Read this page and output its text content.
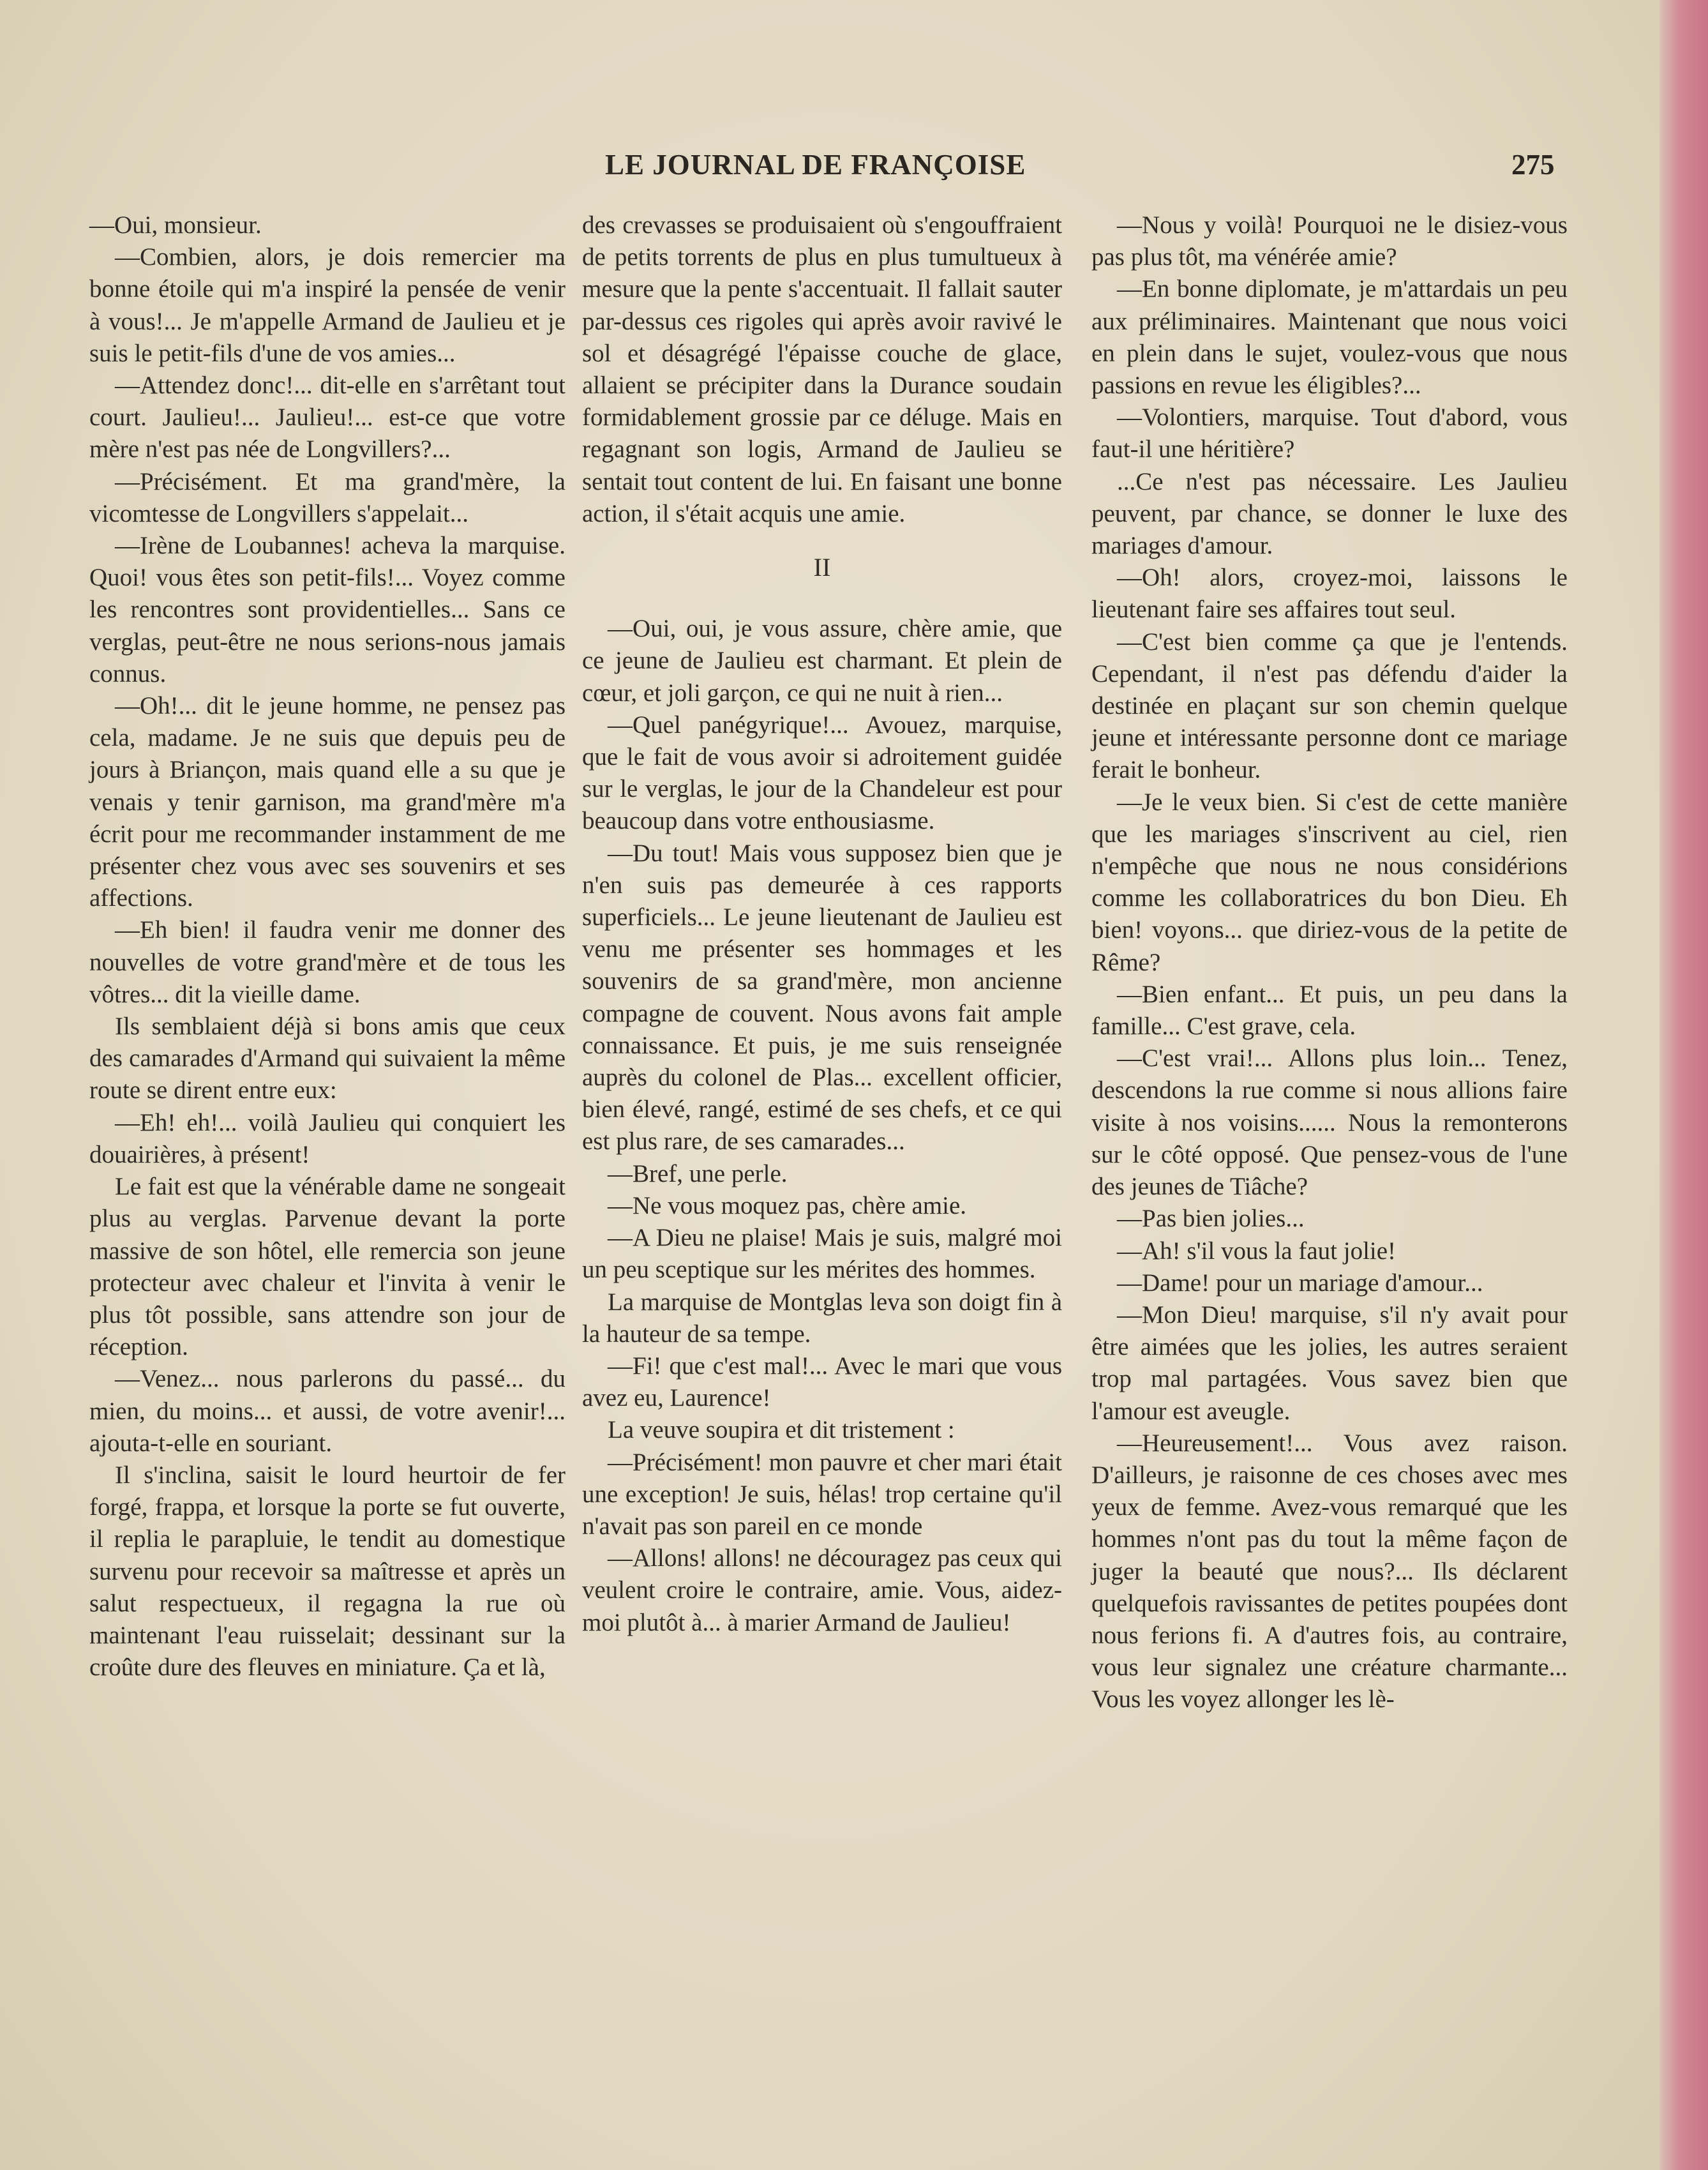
LE JOURNAL DE FRANÇOISE	275

—Oui, monsieur.

—Combien, alors, je dois remercier ma bonne étoile qui m'a inspiré la pensée de venir à vous!... Je m'appelle Armand de Jaulieu et je suis le petit-fils d'une de vos amies...

—Attendez donc!... dit-elle en s'arrêtant tout court. Jaulieu!... Jaulieu!... est-ce que votre mère n'est pas née de Longvillers?...

—Précisément. Et ma grand'mère, la vicomtesse de Longvillers s'appelait...

—Irène de Loubannes! acheva la marquise. Quoi! vous êtes son petit-fils!... Voyez comme les rencontres sont providentielles... Sans ce verglas, peut-être ne nous serions-nous jamais connus.

—Oh!... dit le jeune homme, ne pensez pas cela, madame. Je ne suis que depuis peu de jours à Briançon, mais quand elle a su que je venais y tenir garnison, ma grand'mère m'a écrit pour me recommander instamment de me présenter chez vous avec ses souvenirs et ses affections.

—Eh bien! il faudra venir me donner des nouvelles de votre grand'mère et de tous les vôtres... dit la vieille dame.

Ils semblaient déjà si bons amis que ceux des camarades d'Armand qui suivaient la même route se dirent entre eux:

—Eh! eh!... voilà Jaulieu qui conquiert les douairières, à présent!

Le fait est que la vénérable dame ne songeait plus au verglas. Parvenue devant la porte massive de son hôtel, elle remercia son jeune protecteur avec chaleur et l'invita à venir le plus tôt possible, sans attendre son jour de réception.

—Venez... nous parlerons du passé... du mien, du moins... et aussi, de votre avenir!... ajouta-t-elle en souriant.

Il s'inclina, saisit le lourd heurtoir de fer forgé, frappa, et lorsque la porte se fut ouverte, il replia le parapluie, le tendit au domestique survenu pour recevoir sa maîtresse et après un salut respectueux, il regagna la rue où maintenant l'eau ruisselait; dessinant sur la croûte dure des fleuves en miniature. Ça et là,

des crevasses se produisaient où s'engouffraient de petits torrents de plus en plus tumultueux à mesure que la pente s'accentuait. Il fallait sauter par-dessus ces rigoles qui après avoir ravivé le sol et désagrégé l'épaisse couche de glace, allaient se précipiter dans la Durance soudain formidablement grossie par ce déluge. Mais en regagnant son logis, Armand de Jaulieu se sentait tout content de lui. En faisant une bonne action, il s'était acquis une amie.

II

—Oui, oui, je vous assure, chère amie, que ce jeune de Jaulieu est charmant. Et plein de cœur, et joli garçon, ce qui ne nuit à rien...

—Quel panégyrique!... Avouez, marquise, que le fait de vous avoir si adroitement guidée sur le verglas, le jour de la Chandeleur est pour beaucoup dans votre enthousiasme.

—Du tout! Mais vous supposez bien que je n'en suis pas demeurée à ces rapports superficiels... Le jeune lieutenant de Jaulieu est venu me présenter ses hommages et les souvenirs de sa grand'mère, mon ancienne compagne de couvent. Nous avons fait ample connaissance. Et puis, je me suis renseignée auprès du colonel de Plas... excellent officier, bien élevé, rangé, estimé de ses chefs, et ce qui est plus rare, de ses camarades...

—Bref, une perle.

—Ne vous moquez pas, chère amie.

—A Dieu ne plaise! Mais je suis, malgré moi un peu sceptique sur les mérites des hommes.

La marquise de Montglas leva son doigt fin à la hauteur de sa tempe.

—Fi! que c'est mal!... Avec le mari que vous avez eu, Laurence!

La veuve soupira et dit tristement :

—Précisément! mon pauvre et cher mari était une exception! Je suis, hélas! trop certaine qu'il n'avait pas son pareil en ce monde

—Allons! allons! ne découragez pas ceux qui veulent croire le contraire, amie. Vous, aidez-moi plutôt à... à marier Armand de Jaulieu!

—Nous y voilà! Pourquoi ne le disiez-vous pas plus tôt, ma vénérée amie?

—En bonne diplomate, je m'attardais un peu aux préliminaires. Maintenant que nous voici en plein dans le sujet, voulez-vous que nous passions en revue les éligibles?...

—Volontiers, marquise. Tout d'abord, vous faut-il une héritière?

...Ce n'est pas nécessaire. Les Jaulieu peuvent, par chance, se donner le luxe des mariages d'amour.

—Oh! alors, croyez-moi, laissons le lieutenant faire ses affaires tout seul.

—C'est bien comme ça que je l'entends. Cependant, il n'est pas défendu d'aider la destinée en plaçant sur son chemin quelque jeune et intéressante personne dont ce mariage ferait le bonheur.

—Je le veux bien. Si c'est de cette manière que les mariages s'inscrivent au ciel, rien n'empêche que nous ne nous considérions comme les collaboratrices du bon Dieu. Eh bien! voyons... que diriez-vous de la petite de Rême?

—Bien enfant... Et puis, un peu dans la famille... C'est grave, cela.

—C'est vrai!... Allons plus loin... Tenez, descendons la rue comme si nous allions faire visite à nos voisins...... Nous la remonterons sur le côté opposé. Que pensez-vous de l'une des jeunes de Tiâche?

—Pas bien jolies...

—Ah! s'il vous la faut jolie!

—Dame! pour un mariage d'amour...

—Mon Dieu! marquise, s'il n'y avait pour être aimées que les jolies, les autres seraient trop mal partagées. Vous savez bien que l'amour est aveugle.

—Heureusement!... Vous avez raison. D'ailleurs, je raisonne de ces choses avec mes yeux de femme. Avez-vous remarqué que les hommes n'ont pas du tout la même façon de juger la beauté que nous?... Ils déclarent quelquefois ravissantes de petites poupées dont nous ferions fi. A d'autres fois, au contraire, vous leur signalez une créature charmante... Vous les voyez allonger les lè-
